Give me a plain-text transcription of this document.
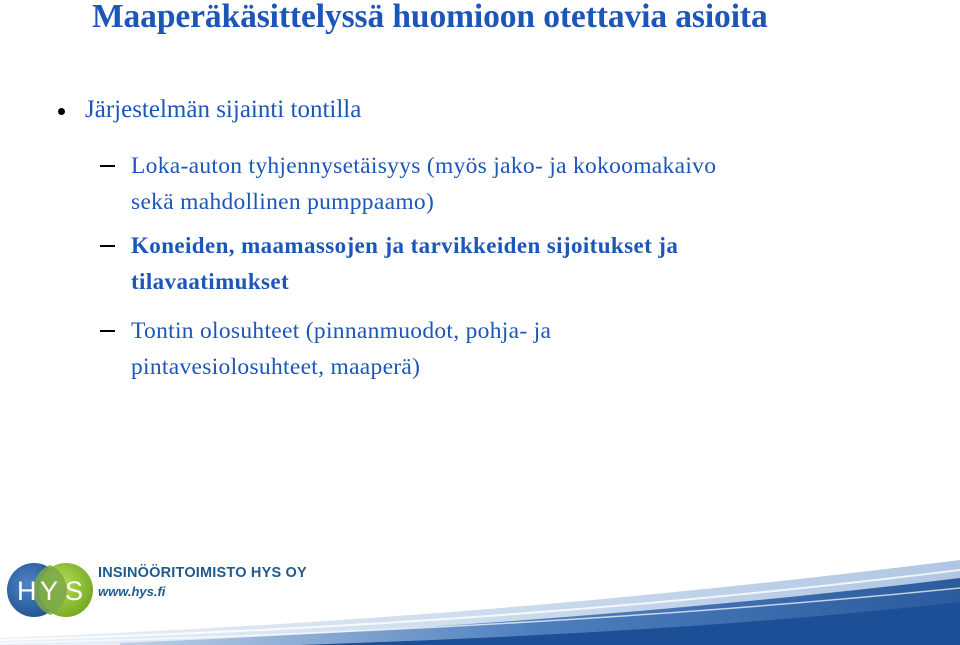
Maaperäkäsittelyssä huomioon otettavia asioita
Järjestelmän sijainti tontilla
Loka-auton tyhjennysetäisyys (myös jako- ja kokoomakaivo
sekä mahdollinen pumppaamo)
Koneiden, maamassojen ja tarvikkeiden sijoitukset ja
tilavaatimukset
Tontin olosuhteet (pinnanmuodot, pohja- ja
pintavesiolosuhteet, maaperä)
H Y S
INSINÖÖRITOIMISTO HYS OY
www.hys.fi
